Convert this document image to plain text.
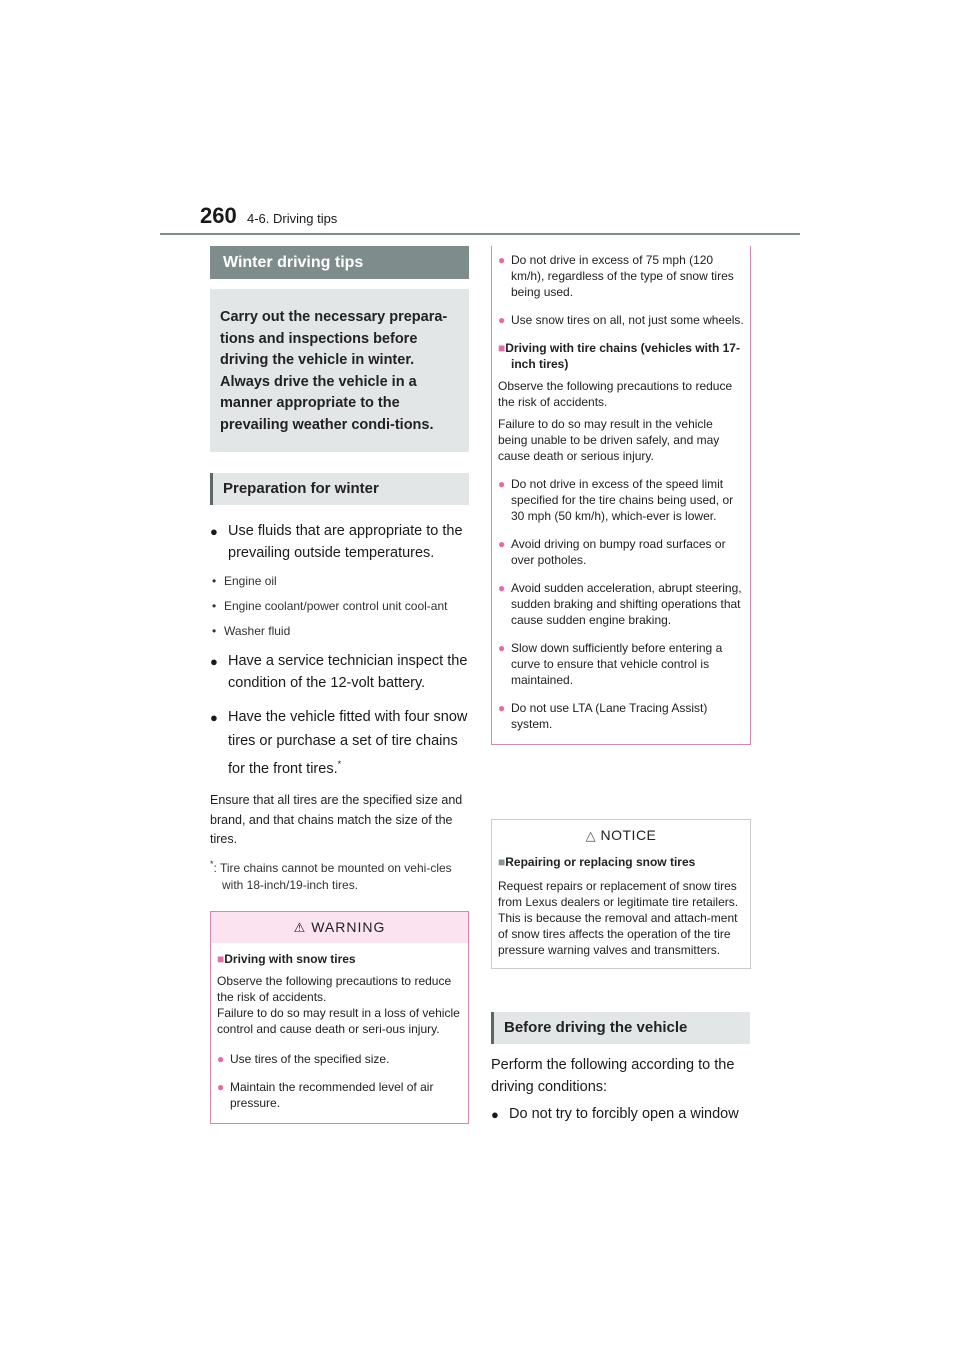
260 4-6. Driving tips
Winter driving tips
Carry out the necessary prepara-tions and inspections before driving the vehicle in winter. Always drive the vehicle in a manner appropriate to the prevailing weather condi-tions.
Preparation for winter
● Use fluids that are appropriate to the prevailing outside temperatures.
• Engine oil
• Engine coolant/power control unit cool-ant
• Washer fluid
● Have a service technician inspect the condition of the 12-volt battery.
● Have the vehicle fitted with four snow tires or purchase a set of tire chains for the front tires.*
Ensure that all tires are the specified size and brand, and that chains match the size of the tires.
*: Tire chains cannot be mounted on vehi-cles with 18-inch/19-inch tires.
⚠ WARNING
■Driving with snow tires
Observe the following precautions to reduce the risk of accidents.
Failure to do so may result in a loss of vehicle control and cause death or seri-ous injury.
● Use tires of the specified size.
● Maintain the recommended level of air pressure.
● Do not drive in excess of 75 mph (120 km/h), regardless of the type of snow tires being used.
● Use snow tires on all, not just some wheels.
■Driving with tire chains (vehicles with 17-inch tires)
Observe the following precautions to reduce the risk of accidents.
Failure to do so may result in the vehicle being unable to be driven safely, and may cause death or serious injury.
● Do not drive in excess of the speed limit specified for the tire chains being used, or 30 mph (50 km/h), which-ever is lower.
● Avoid driving on bumpy road surfaces or over potholes.
● Avoid sudden acceleration, abrupt steering, sudden braking and shifting operations that cause sudden engine braking.
● Slow down sufficiently before entering a curve to ensure that vehicle control is maintained.
● Do not use LTA (Lane Tracing Assist) system.
△ NOTICE
■Repairing or replacing snow tires
Request repairs or replacement of snow tires from Lexus dealers or legitimate tire retailers.
This is because the removal and attach-ment of snow tires affects the operation of the tire pressure warning valves and transmitters.
Before driving the vehicle
Perform the following according to the driving conditions:
● Do not try to forcibly open a window
